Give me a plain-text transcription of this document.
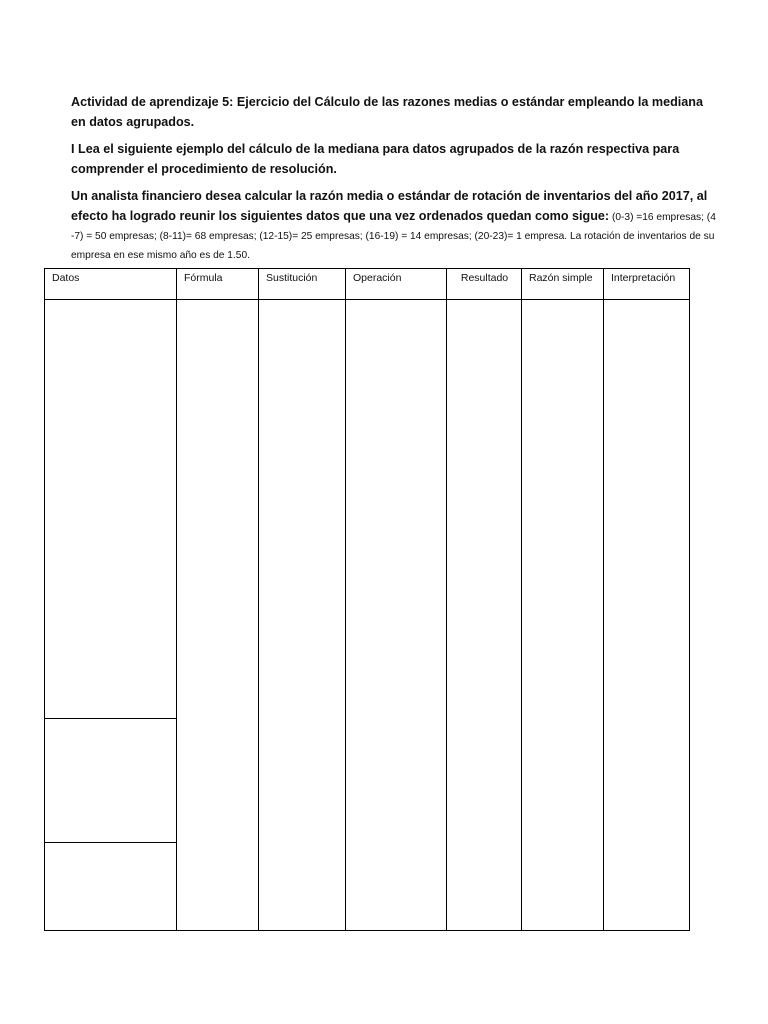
Actividad de aprendizaje 5: Ejercicio del Cálculo de las razones medias o estándar empleando la mediana en datos agrupados.

I Lea el siguiente ejemplo del cálculo de la mediana para datos agrupados de la razón respectiva para comprender el procedimiento de resolución.

Un analista financiero desea calcular la razón media o estándar de rotación de inventarios del año 2017, al efecto ha logrado reunir los siguientes datos que una vez ordenados quedan como sigue: (0-3) =16 empresas; (4 -7) = 50 empresas; (8-11)= 68 empresas; (12-15)= 25 empresas; (16-19) = 14 empresas; (20-23)= 1 empresa. La rotación de inventarios de su empresa en ese mismo año es de 1.50.

Datos	Fórmula	Sustitución	Operación	Resultado	Razón simple	Interpretación
